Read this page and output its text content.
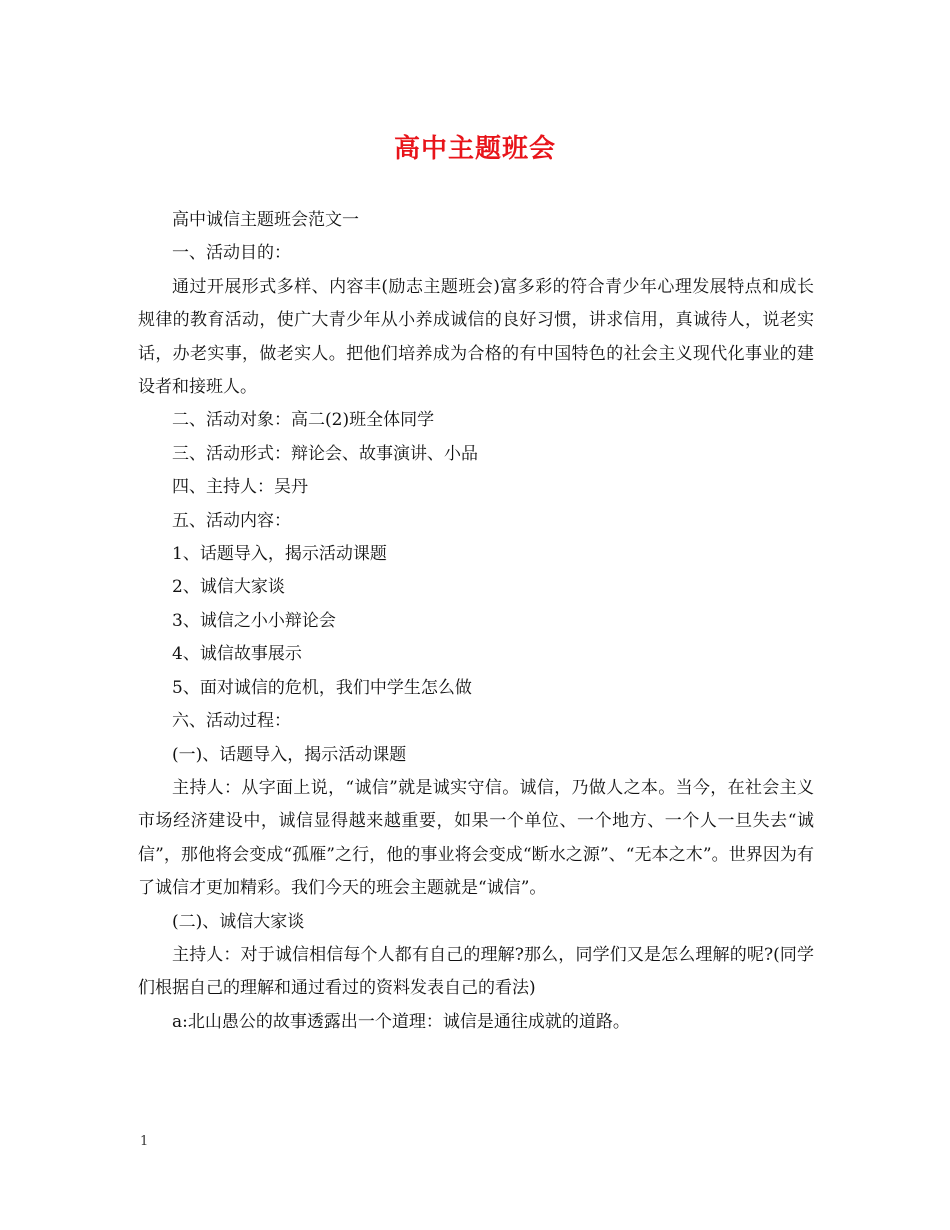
高中主题班会

高中诚信主题班会范文一

一、活动目的：

通过开展形式多样、内容丰(励志主题班会)富多彩的符合青少年心理发展特点和成长规律的教育活动，使广大青少年从小养成诚信的良好习惯，讲求信用，真诚待人，说老实话，办老实事，做老实人。把他们培养成为合格的有中国特色的社会主义现代化事业的建设者和接班人。

二、活动对象：高二(2)班全体同学

三、活动形式：辩论会、故事演讲、小品

四、主持人：吴丹

五、活动内容：

1、话题导入，揭示活动课题

2、诚信大家谈

3、诚信之小小辩论会

4、诚信故事展示

5、面对诚信的危机，我们中学生怎么做

六、活动过程：

(一)、话题导入，揭示活动课题

主持人：从字面上说，“诚信”就是诚实守信。诚信，乃做人之本。当今，在社会主义市场经济建设中，诚信显得越来越重要，如果一个单位、一个地方、一个人一旦失去“诚信”，那他将会变成“孤雁”之行，他的事业将会变成“断水之源”、“无本之木”。世界因为有了诚信才更加精彩。我们今天的班会主题就是“诚信”。

(二)、诚信大家谈

主持人：对于诚信相信每个人都有自己的理解?那么，同学们又是怎么理解的呢?(同学们根据自己的理解和通过看过的资料发表自己的看法)

a:北山愚公的故事透露出一个道理：诚信是通往成就的道路。

1
